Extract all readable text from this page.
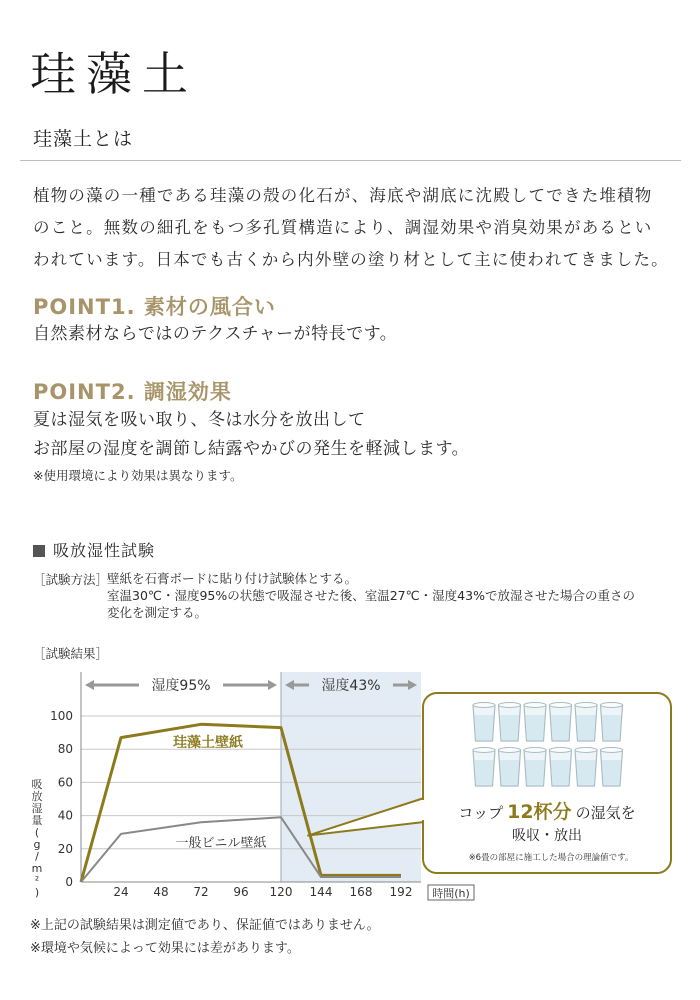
珪藻土
珪藻土とは
植物の藻の一種である珪藻の殻の化石が、海底や湖底に沈殿してできた堆積物
のこと。無数の細孔をもつ多孔質構造により、調湿効果や消臭効果があるとい
われています。日本でも古くから内外壁の塗り材として主に使われてきました。
POINT1. 素材の風合い
自然素材ならではのテクスチャーが特長です。
POINT2. 調湿効果
夏は湿気を吸い取り、冬は水分を放出して
お部屋の湿度を調節し結露やかびの発生を軽減します。
※使用環境により効果は異なります。
吸放湿性試験
［試験方法］
壁紙を石膏ボードに貼り付け試験体とする。
室温30℃・湿度95%の状態で吸湿させた後、室温27℃・湿度43%で放湿させた場合の重さの
変化を測定する。
［試験結果］
0
20
40
60
80
100
24 48 72 96 120 144 168 192 時間(h)
吸
放
湿
量
(
g
/
m
²
)
湿度95%	湿度43%
珪藻土壁紙
一般ビニル壁紙
コップ 12杯分 の湿気を
吸収・放出
※6畳の部屋に施工した場合の理論値です。
※上記の試験結果は測定値であり、保証値ではありません。
※環境や気候によって効果には差があります。
